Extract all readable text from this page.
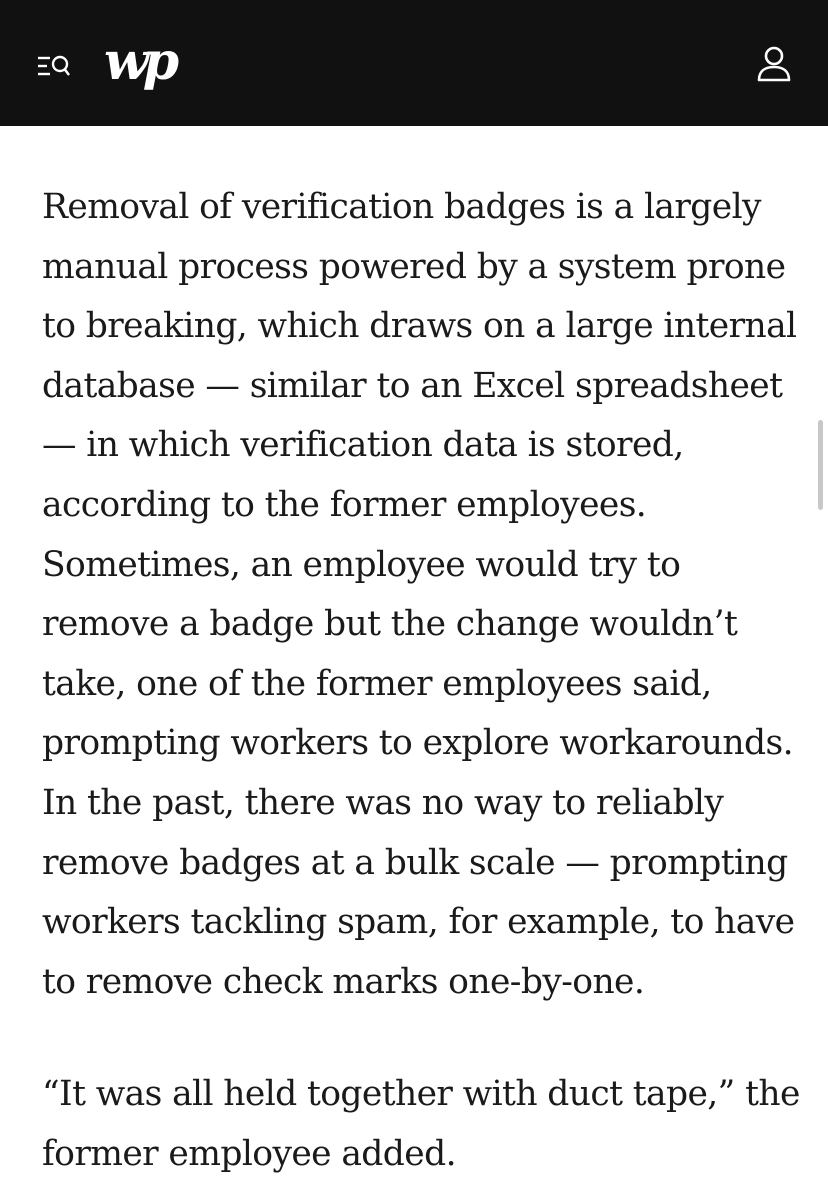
wp

Removal of verification badges is a largely manual process powered by a system prone to breaking, which draws on a large internal database — similar to an Excel spreadsheet — in which verification data is stored, according to the former employees. Sometimes, an employee would try to remove a badge but the change wouldn’t take, one of the former employees said, prompting workers to explore workarounds. In the past, there was no way to reliably remove badges at a bulk scale — prompting workers tackling spam, for example, to have to remove check marks one-by-one.

“It was all held together with duct tape,” the former employee added.
